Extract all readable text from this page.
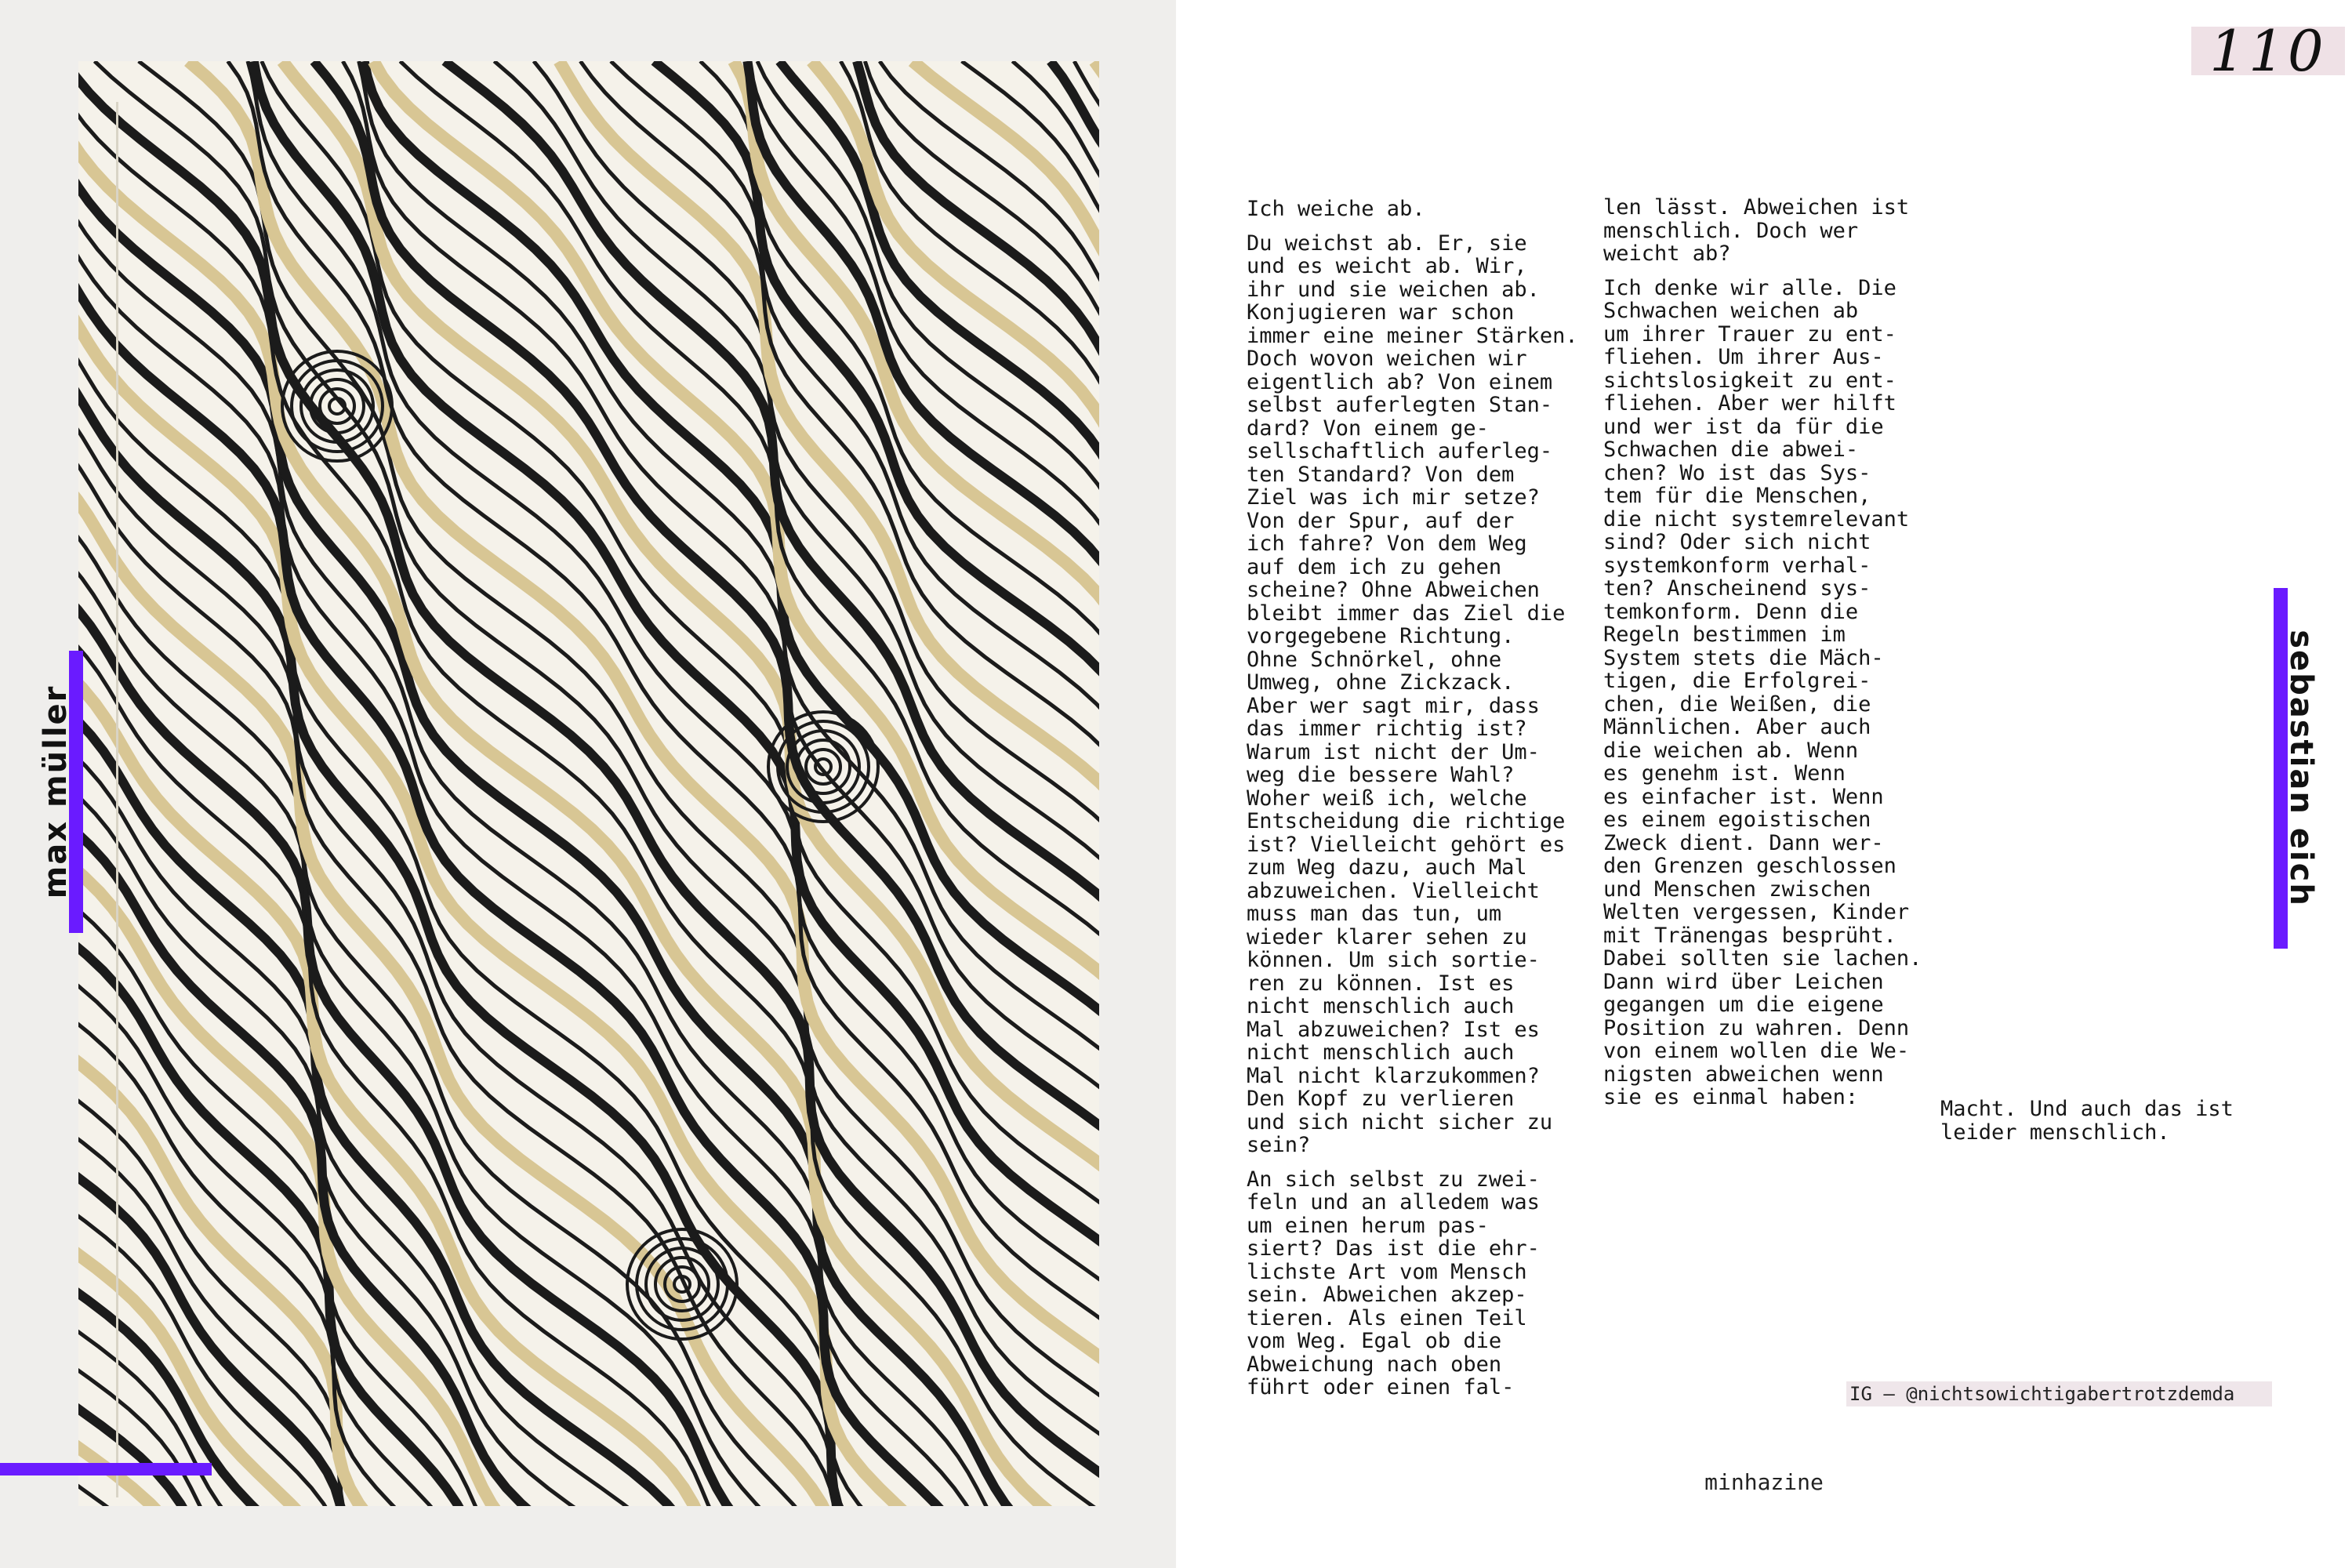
max müller
110
sebastian eich

Ich weiche ab.

Du weichst ab. Er, sie
und es weicht ab. Wir,
ihr und sie weichen ab.
Konjugieren war schon
immer eine meiner Stärken.
Doch wovon weichen wir
eigentlich ab? Von einem
selbst auferlegten Stan-
dard? Von einem ge-
sellschaftlich auferleg-
ten Standard? Von dem
Ziel was ich mir setze?
Von der Spur, auf der
ich fahre? Von dem Weg
auf dem ich zu gehen
scheine? Ohne Abweichen
bleibt immer das Ziel die
vorgegebene Richtung.
Ohne Schnörkel, ohne
Umweg, ohne Zickzack.
Aber wer sagt mir, dass
das immer richtig ist?
Warum ist nicht der Um-
weg die bessere Wahl?
Woher weiß ich, welche
Entscheidung die richtige
ist? Vielleicht gehört es
zum Weg dazu, auch Mal
abzuweichen. Vielleicht
muss man das tun, um
wieder klarer sehen zu
können. Um sich sortie-
ren zu können. Ist es
nicht menschlich auch
Mal abzuweichen? Ist es
nicht menschlich auch
Mal nicht klarzukommen?
Den Kopf zu verlieren
und sich nicht sicher zu
sein?

An sich selbst zu zwei-
feln und an alledem was
um einen herum pas-
siert? Das ist die ehr-
lichste Art vom Mensch
sein. Abweichen akzep-
tieren. Als einen Teil
vom Weg. Egal ob die
Abweichung nach oben
führt oder einen fal-

len lässt. Abweichen ist
menschlich. Doch wer
weicht ab?

Ich denke wir alle. Die
Schwachen weichen ab
um ihrer Trauer zu ent-
fliehen. Um ihrer Aus-
sichtslosigkeit zu ent-
fliehen. Aber wer hilft
und wer ist da für die
Schwachen die abwei-
chen? Wo ist das Sys-
tem für die Menschen,
die nicht systemrelevant
sind? Oder sich nicht
systemkonform verhal-
ten? Anscheinend sys-
temkonform. Denn die
Regeln bestimmen im
System stets die Mäch-
tigen, die Erfolgrei-
chen, die Weißen, die
Männlichen. Aber auch
die weichen ab. Wenn
es genehm ist. Wenn
es einfacher ist. Wenn
es einem egoistischen
Zweck dient. Dann wer-
den Grenzen geschlossen
und Menschen zwischen
Welten vergessen, Kinder
mit Tränengas besprüht.
Dabei sollten sie lachen.
Dann wird über Leichen
gegangen um die eigene
Position zu wahren. Denn
von einem wollen die We-
nigsten abweichen wenn
sie es einmal haben:	Macht. Und auch das ist
leider menschlich.

IG – @nichtsowichtigabertrotzdemda
minhazine
